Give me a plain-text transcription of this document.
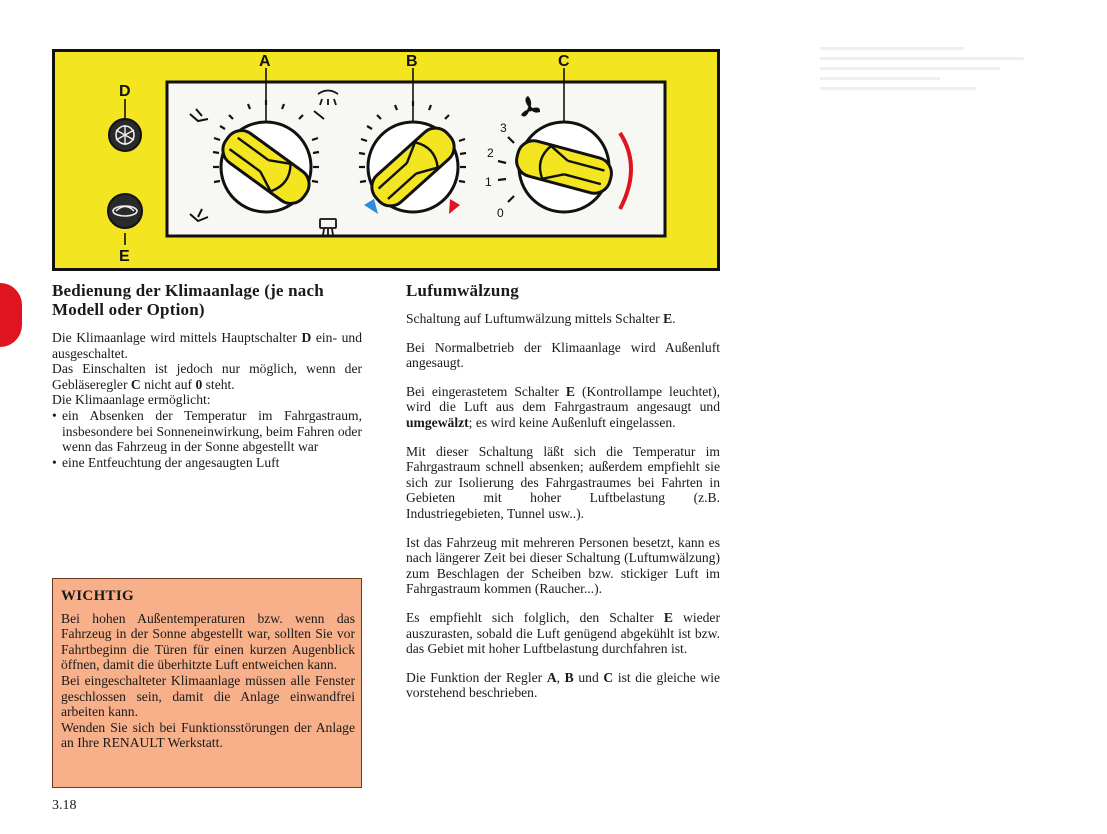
A	B	C
D
E
3
2
1
0
Bedienung der Klimaanlage (je nach Modell oder Option)

Die Klimaanlage wird mittels Hauptschalter D ein- und ausgeschaltet.

Das Einschalten ist jedoch nur möglich, wenn der Gebläseregler C nicht auf 0 steht.

Die Klimaanlage ermöglicht:

• ein Absenken der Temperatur im Fahrgastraum, insbesondere bei Sonneneinwirkung, beim Fahren oder wenn das Fahrzeug in der Sonne abgestellt war
• eine Entfeuchtung der angesaugten Luft
WICHTIG

Bei hohen Außentemperaturen bzw. wenn das Fahrzeug in der Sonne abgestellt war, sollten Sie vor Fahrtbeginn die Türen für einen kurzen Augenblick öffnen, damit die überhitzte Luft entweichen kann.

Bei eingeschalteter Klimaanlage müssen alle Fenster geschlossen sein, damit die Anlage einwandfrei arbeiten kann.

Wenden Sie sich bei Funktionsstörungen der Anlage an Ihre RENAULT Werkstatt.

Lufumwälzung

Schaltung auf Luftumwälzung mittels Schalter E.

Bei Normalbetrieb der Klimaanlage wird Außenluft angesaugt.

Bei eingerastetem Schalter E (Kontrollampe leuchtet), wird die Luft aus dem Fahrgastraum angesaugt und umgewälzt; es wird keine Außenluft eingelassen.

Mit dieser Schaltung läßt sich die Temperatur im Fahrgastraum schnell absenken; außerdem empfiehlt sie sich zur Isolierung des Fahrgastraumes bei Fahrten in Gebieten mit hoher Luftbelastung (z.B. Industriegebieten, Tunnel usw..).

Ist das Fahrzeug mit mehreren Personen besetzt, kann es nach längerer Zeit bei dieser Schaltung (Luftumwälzung) zum Beschlagen der Scheiben bzw. stickiger Luft im Fahrgastraum kommen (Raucher...).

Es empfiehlt sich folglich, den Schalter E wieder auszurasten, sobald die Luft genügend abgekühlt ist bzw. das Gebiet mit hoher Luftbelastung durchfahren ist.

Die Funktion der Regler A, B und C ist die gleiche wie vorstehend beschrieben.

3.18
